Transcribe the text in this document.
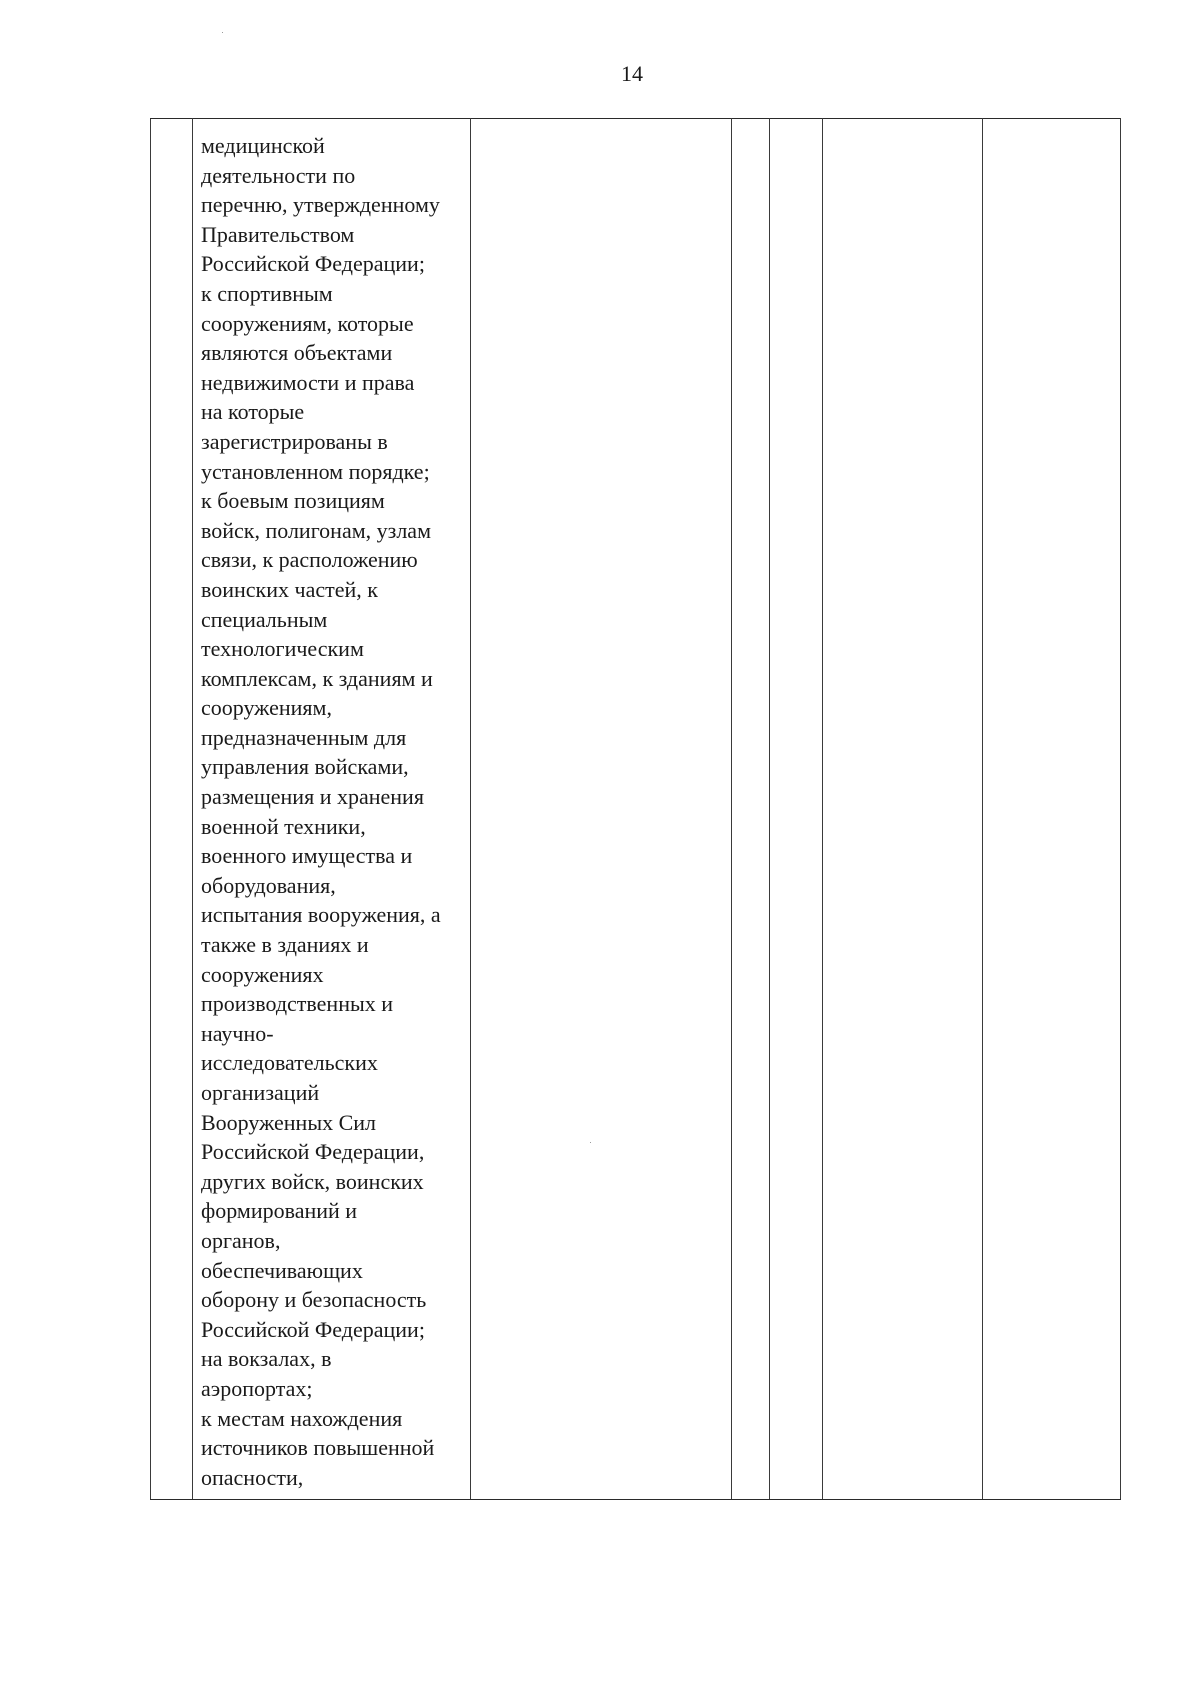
14

медицинской
деятельности по
перечню, утвержденному
Правительством
Российской Федерации;
к спортивным
сооружениям, которые
являются объектами
недвижимости и права
на которые
зарегистрированы в
установленном порядке;
к боевым позициям
войск, полигонам, узлам
связи, к расположению
воинских частей, к
специальным
технологическим
комплексам, к зданиям и
сооружениям,
предназначенным для
управления войсками,
размещения и хранения
военной техники,
военного имущества и
оборудования,
испытания вооружения, а
также в зданиях и
сооружениях
производственных и
научно-
исследовательских
организаций
Вооруженных Сил
Российской Федерации,
других войск, воинских
формирований и
органов,
обеспечивающих
оборону и безопасность
Российской Федерации;
на вокзалах, в
аэропортах;
к местам нахождения
источников повышенной
опасности,
